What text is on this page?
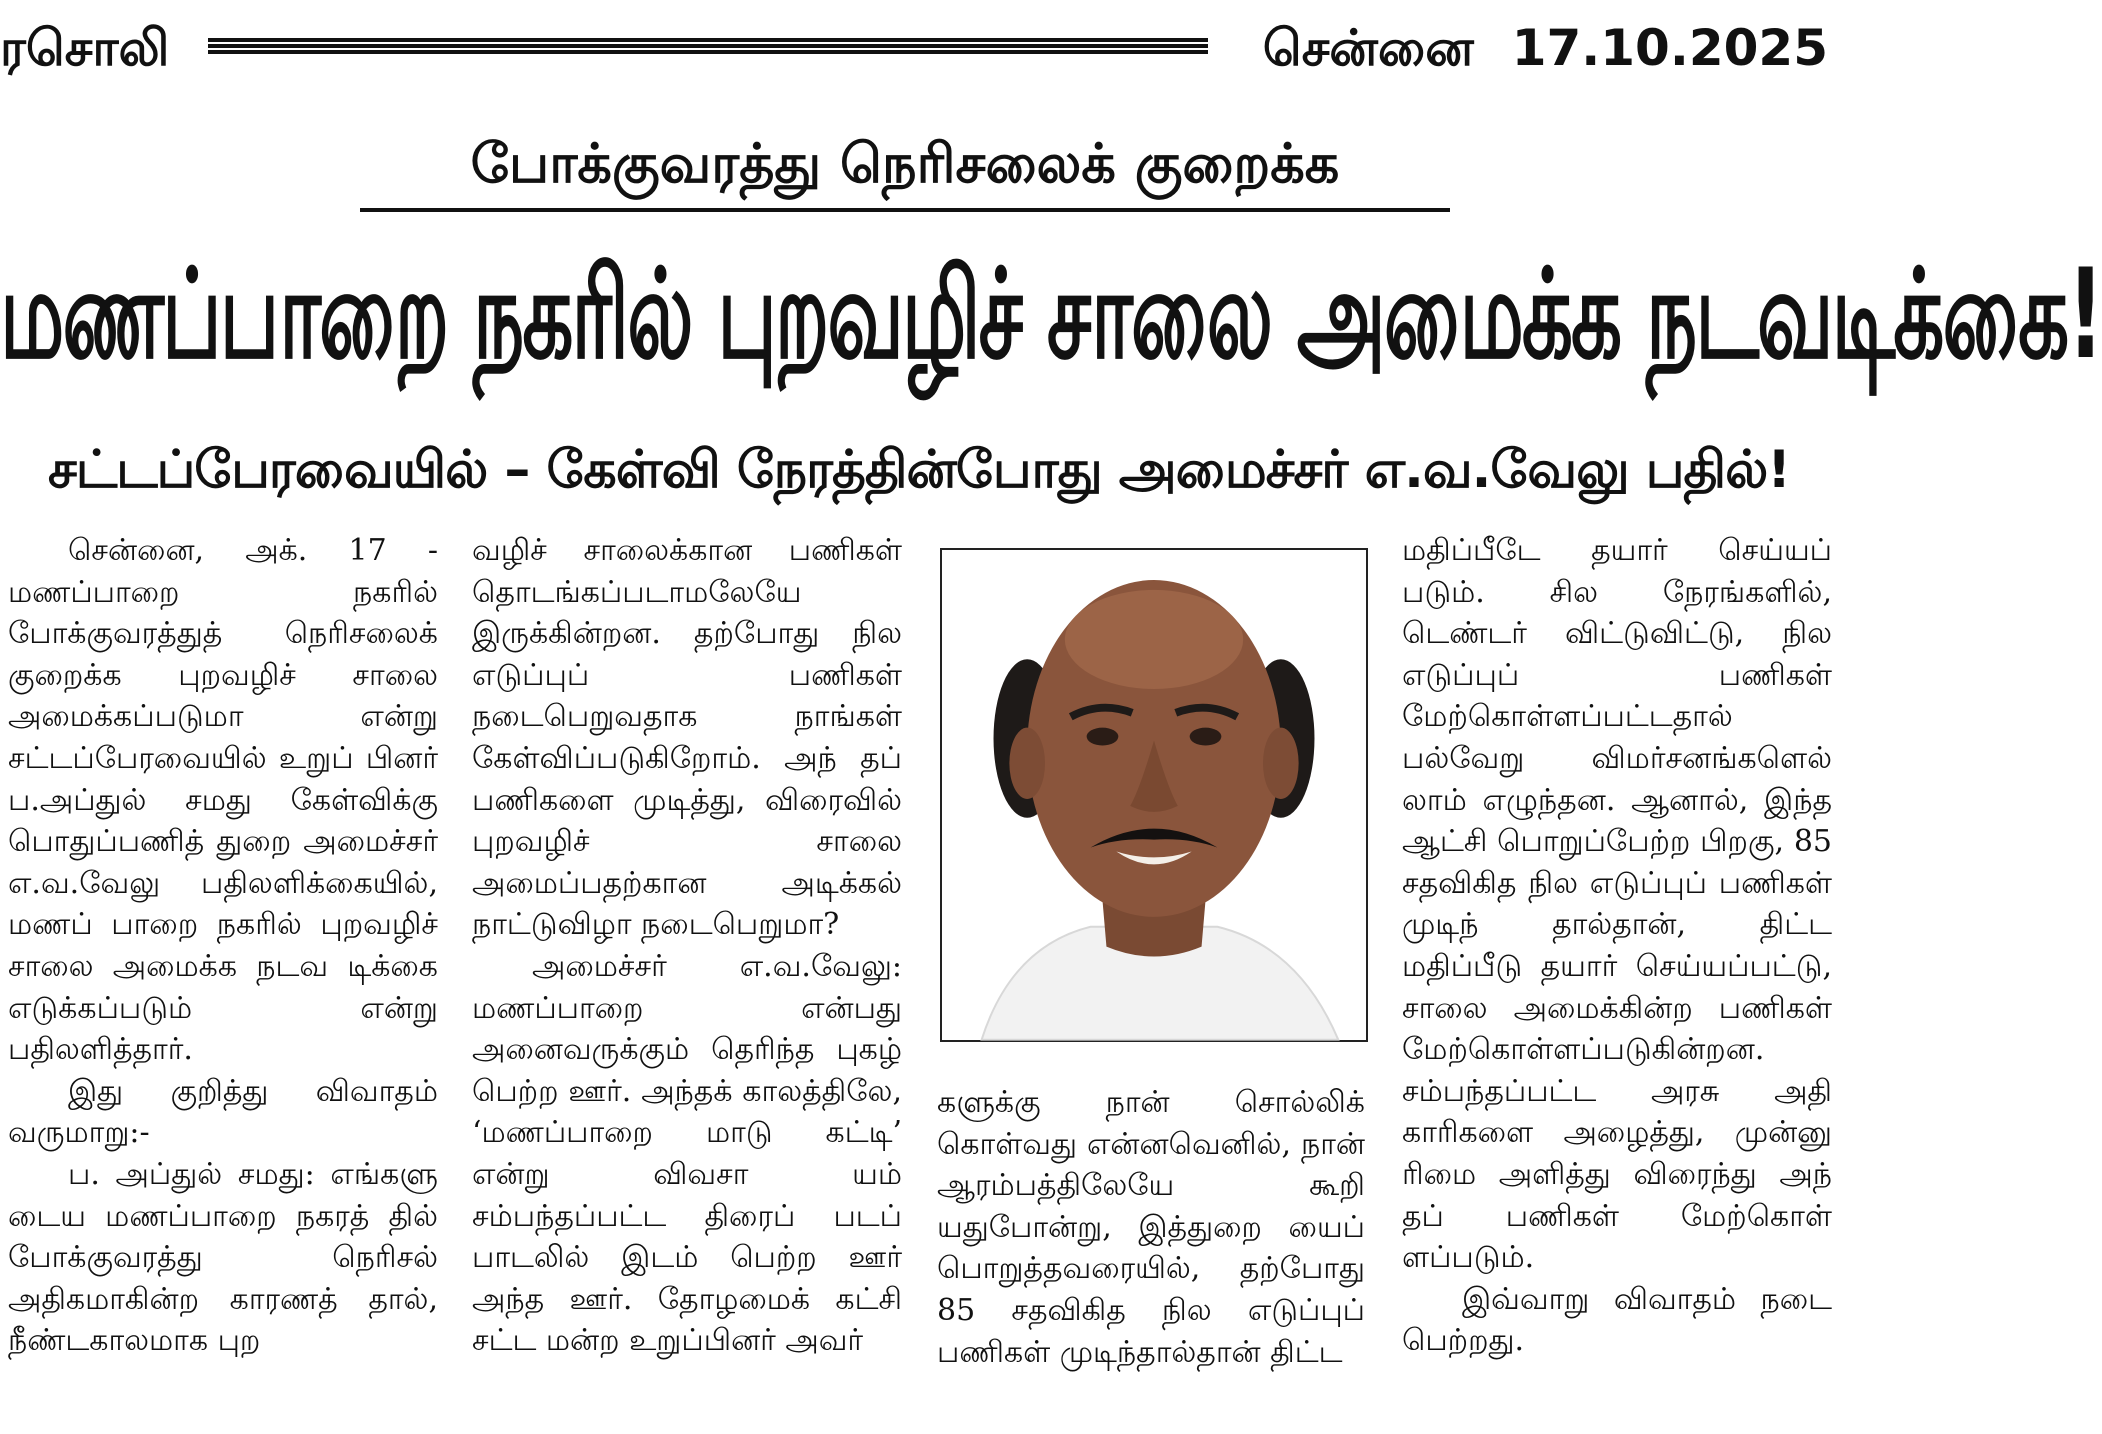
ரசொலி	சென்னை 17.10.2025
போக்குவரத்து நெரிசலைக் குறைக்க
மணப்பாறை நகரில் புறவழிச் சாலை அமைக்க நடவடிக்கை!
சட்டப்பேரவையில் – கேள்வி நேரத்தின்போது அமைச்சர் எ.வ.வேலு பதில்!

சென்னை, அக். 17 - மணப்பாறை நகரில் போக்குவரத்துத் நெரிசலைக் குறைக்க புறவழிச் சாலை அமைக்கப்படுமா என்று சட்டப்பேரவையில் உறுப் பினர் ப.அப்துல் சமது கேள்விக்கு பொதுப்பணித் துறை அமைச்சர் எ.வ.வேலு பதிலளிக்கையில், மணப் பாறை நகரில் புறவழிச் சாலை அமைக்க நடவ டிக்கை எடுக்கப்படும் என்று பதிலளித்தார்.

இது குறித்து விவாதம் வருமாறு:-

ப. அப்துல் சமது: எங்களு டைய மணப்பாறை நகரத் தில் போக்குவரத்து நெரிசல் அதிகமாகின்ற காரணத் தால், நீண்டகாலமாக புற

வழிச் சாலைக்கான பணிகள் தொடங்கப்படாமலேயே இருக்கின்றன. தற்போது நில எடுப்புப் பணிகள் நடைபெறுவதாக நாங்கள் கேள்விப்படுகிறோம். அந் தப் பணிகளை முடித்து, விரைவில் புறவழிச் சாலை அமைப்பதற்கான அடிக்கல் நாட்டுவிழா நடைபெறுமா?

அமைச்சர் எ.வ.வேலு: மணப்பாறை என்பது அனைவருக்கும் தெரிந்த புகழ் பெற்ற ஊர். அந்தக் காலத்திலே, ‘மணப்பாறை மாடு கட்டி’ என்று விவசா யம் சம்பந்தப்பட்ட திரைப் படப் பாடலில் இடம் பெற்ற ஊர் அந்த ஊர். தோழமைக் கட்சி சட்ட மன்ற உறுப்பினர் அவர்

களுக்கு நான் சொல்லிக் கொள்வது என்னவெனில், நான் ஆரம்பத்திலேயே கூறி யதுபோன்று, இத்துறை யைப் பொறுத்தவரையில், தற்போது 85 சதவிகித நில எடுப்புப் பணிகள் முடிந்தால்தான் திட்ட

மதிப்பீடே தயார் செய்யப் படும். சில நேரங்களில், டெண்டர் விட்டுவிட்டு, நில எடுப்புப் பணிகள் மேற்கொள்ளப்பட்டதால் பல்வேறு விமர்சனங்களெல் லாம் எழுந்தன. ஆனால், இந்த ஆட்சி பொறுப்பேற்ற பிறகு, 85 சதவிகித நில எடுப்புப் பணிகள் முடிந் தால்தான், திட்ட மதிப்பீடு தயார் செய்யப்பட்டு, சாலை அமைக்கின்ற பணிகள் மேற்கொள்ளப்படுகின்றன. சம்பந்தப்பட்ட அரசு அதி காரிகளை அழைத்து, முன்னு ரிமை அளித்து விரைந்து அந் தப் பணிகள் மேற்கொள் ளப்படும்.

இவ்வாறு விவாதம் நடை பெற்றது.
